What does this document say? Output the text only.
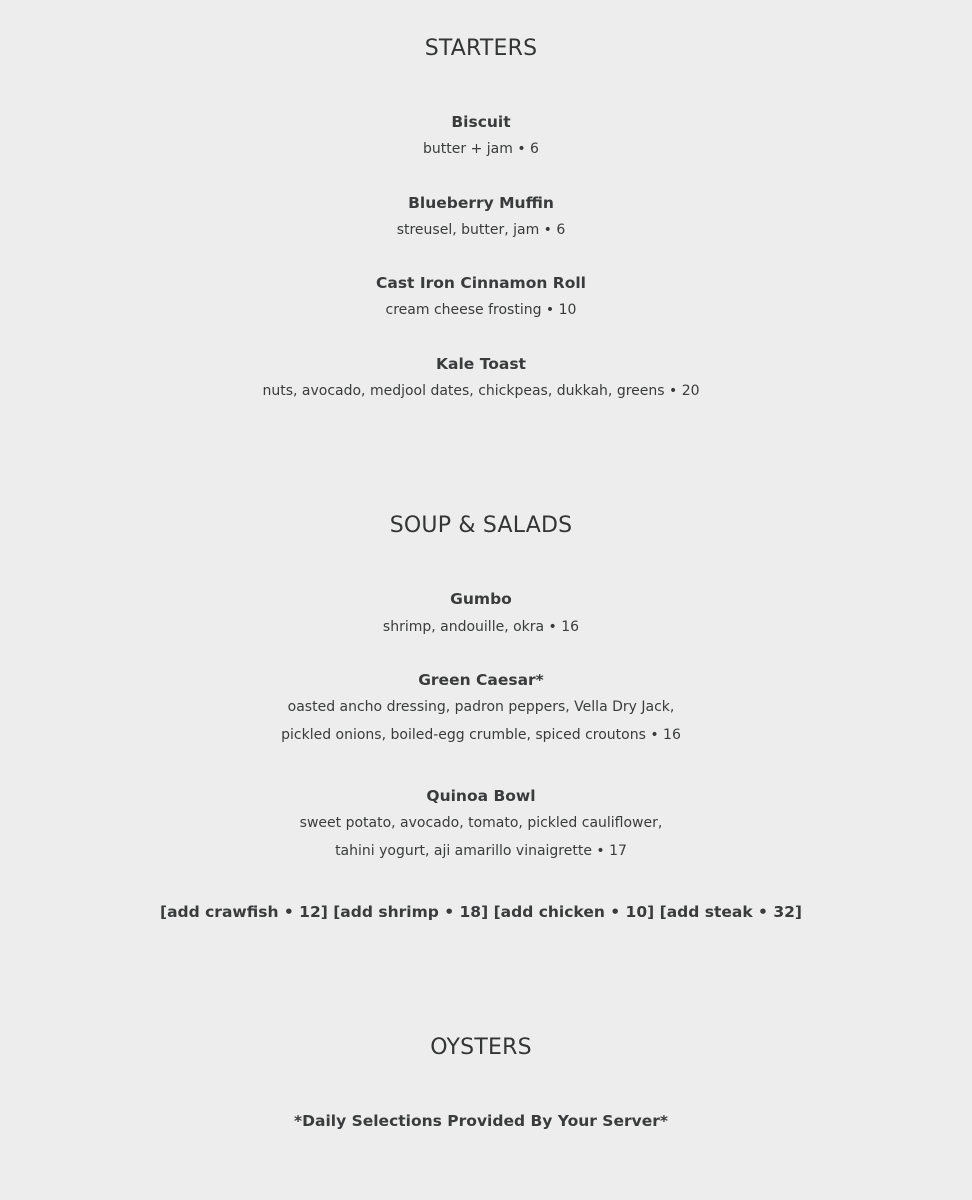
STARTERS
Biscuit
butter + jam • 6
Blueberry Muffin
streusel, butter, jam • 6
Cast Iron Cinnamon Roll
cream cheese frosting • 10
Kale Toast
nuts, avocado, medjool dates, chickpeas, dukkah, greens • 20
SOUP & SALADS
Gumbo
shrimp, andouille, okra • 16
Green Caesar*
oasted ancho dressing, padron peppers, Vella Dry Jack,
pickled onions, boiled-egg crumble, spiced croutons • 16
Quinoa Bowl
sweet potato, avocado, tomato, pickled cauliflower,
tahini yogurt, aji amarillo vinaigrette • 17
[add crawfish • 12] [add shrimp • 18] [add chicken • 10] [add steak • 32]
OYSTERS
*Daily Selections Provided By Your Server*
